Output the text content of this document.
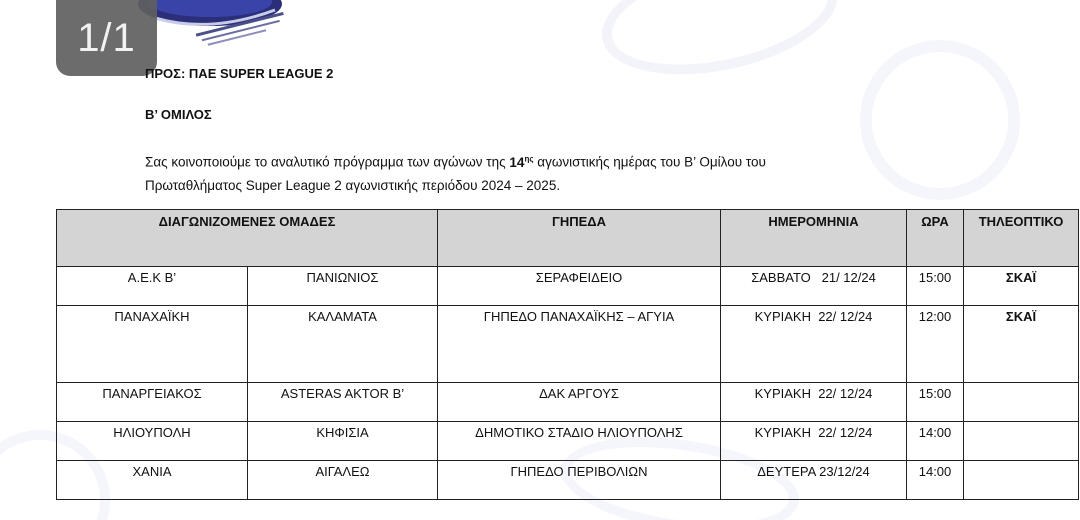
1/1
ΠΡΟΣ: ΠΑΕ SUPER LEAGUE 2
Β’ ΟΜΙΛΟΣ
Σας κοινοποιούμε το αναλυτικό πρόγραμμα των αγώνων της $14^{\eta\varsigma}$ αγωνιστικής ημέρας του Β’ Ομίλου του
Πρωταθλήματος Super League 2 αγωνιστικής περιόδου 2024 – 2025.
ΔΙΑΓΩΝΙΖΟΜΕΝΕΣ ΟΜΑΔΕΣ		ΓΗΠΕΔΑ	ΗΜΕΡΟΜΗΝΙΑ	ΩΡΑ	ΤΗΛΕΟΠΤΙΚΟ
Α.Ε.Κ Β’	ΠΑΝΙΩΝΙΟΣ	ΣΕΡΑΦΕΙΔΕΙΟ	ΣΑΒΒΑΤΟ   21/ 12/24	15:00	ΣΚΑΪ
ΠΑΝΑΧΑΪΚΗ	ΚΑΛΑΜΑΤΑ	ΓΗΠΕΔΟ ΠΑΝΑΧΑΪΚΗΣ – ΑΓΥΙΑ	ΚΥΡΙΑΚΗ  22/ 12/24	12:00	ΣΚΑΪ
ΠΑΝΑΡΓΕΙΑΚΟΣ	ASTERAS AKTOR Β’	ΔΑΚ ΑΡΓΟΥΣ	ΚΥΡΙΑΚΗ  22/ 12/24	15:00	
ΗΛΙΟΥΠΟΛΗ	ΚΗΦΙΣΙΑ	ΔΗΜΟΤΙΚΟ ΣΤΑΔΙΟ ΗΛΙΟΥΠΟΛΗΣ	ΚΥΡΙΑΚΗ  22/ 12/24	14:00	
ΧΑΝΙΑ	ΑΙΓΑΛΕΩ	ΓΗΠΕΔΟ ΠΕΡΙΒΟΛΙΩΝ	ΔΕΥΤΕΡΑ 23/12/24	14:00	
